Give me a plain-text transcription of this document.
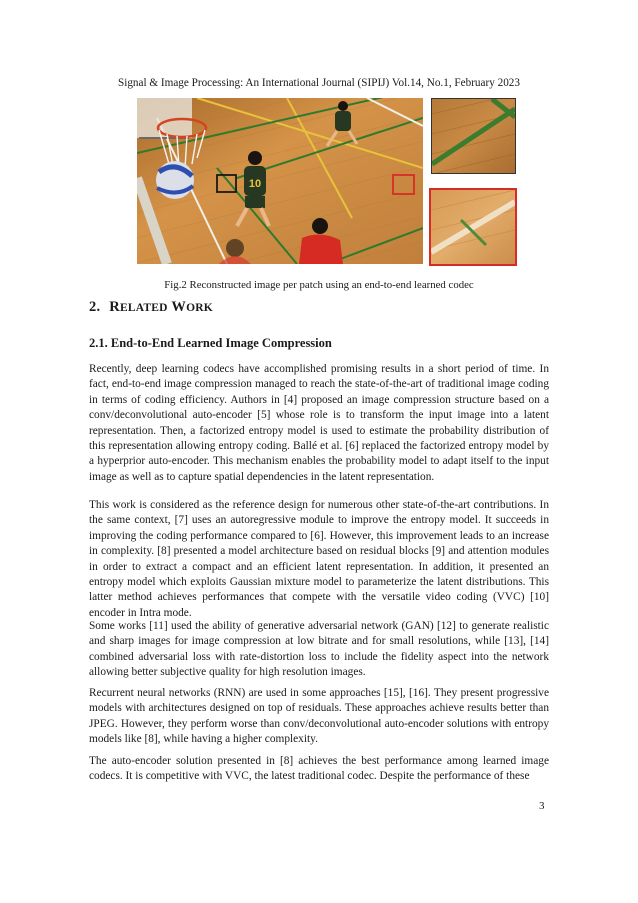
Signal & Image Processing: An International Journal (SIPIJ) Vol.14, No.1, February 2023
10
Fig.2 Reconstructed image per patch using an end-to-end learned codec
2. RELATED WORK
2.1. End-to-End Learned Image Compression

Recently, deep learning codecs have accomplished promising results in a short period of time. In fact, end-to-end image compression managed to reach the state-of-the-art of traditional image coding in terms of coding efficiency. Authors in [4] proposed an image compression structure based on a conv/deconvolutional auto-encoder [5] whose role is to transform the input image into a latent representation. Then, a factorized entropy model is used to estimate the probability distribution of this representation allowing entropy coding. Ballé et al. [6] replaced the factorized entropy model by a hyperprior auto-encoder. This mechanism enables the probability model to adapt itself to the input image as well as to capture spatial dependencies in the latent representation.

This work is considered as the reference design for numerous other state-of-the-art contributions. In the same context, [7] uses an autoregressive module to improve the entropy model. It succeeds in improving the coding performance compared to [6]. However, this improvement leads to an increase in complexity. [8] presented a model architecture based on residual blocks [9] and attention modules in order to extract a compact and an efficient latent representation. In addition, it presented an entropy model which exploits Gaussian mixture model to parameterize the latent distributions. This latter method achieves performances that compete with the versatile video coding (VVC) [10] encoder in Intra mode.

Some works [11] used the ability of generative adversarial network (GAN) [12] to generate realistic and sharp images for image compression at low bitrate and for small resolutions, while [13], [14] combined adversarial loss with rate-distortion loss to include the fidelity aspect into the network allowing better subjective quality for high resolution images.

Recurrent neural networks (RNN) are used in some approaches [15], [16]. They present progressive models with architectures designed on top of residuals. These approaches achieve results better than JPEG. However, they perform worse than conv/deconvolutional auto-encoder solutions with entropy models like [8], while having a higher complexity.

The auto-encoder solution presented in [8] achieves the best performance among learned image codecs. It is competitive with VVC, the latest traditional codec. Despite the performance of these

3
